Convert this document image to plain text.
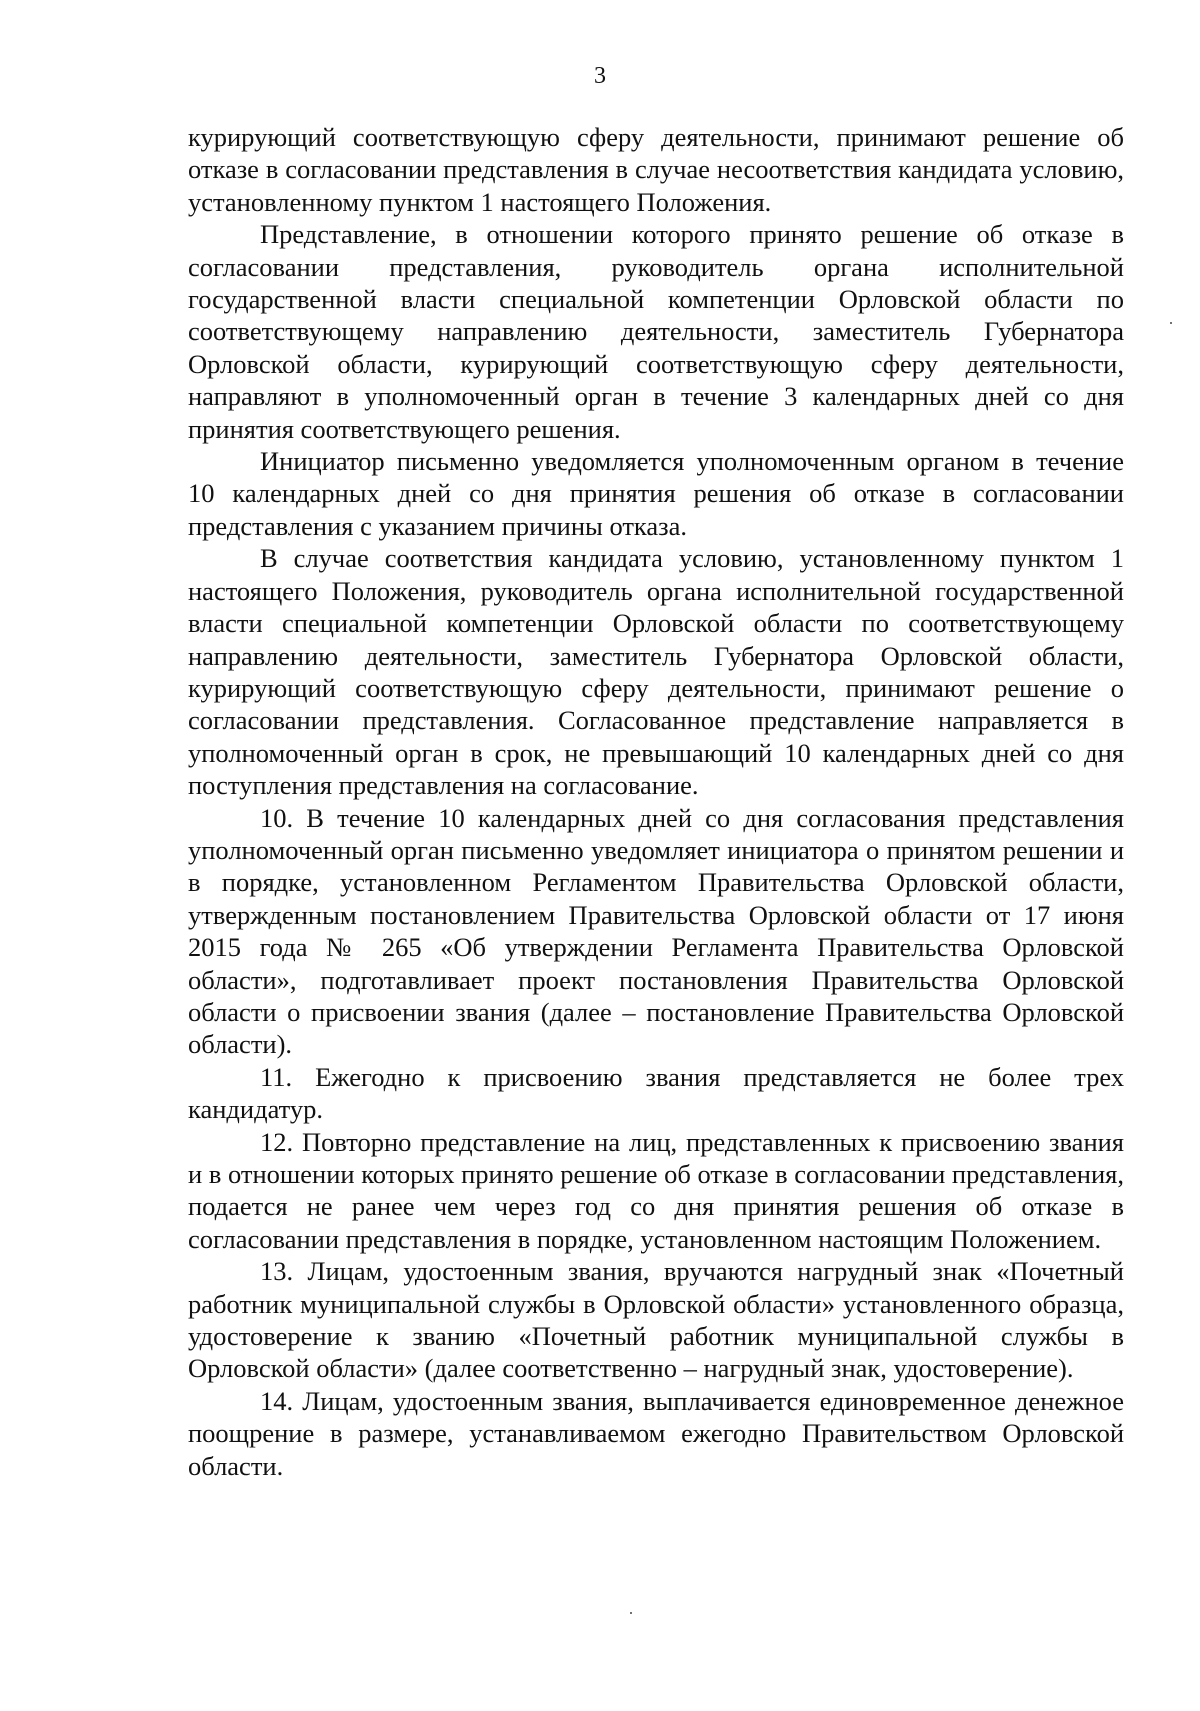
3

курирующий соответствующую сферу деятельности, принимают решение об отказе в согласовании представления в случае несоответствия кандидата условию, установленному пунктом 1 настоящего Положения.

Представление, в отношении которого принято решение об отказе в согласовании представления, руководитель органа исполнительной государственной власти специальной компетенции Орловской области по соответствующему направлению деятельности, заместитель Губернатора Орловской области, курирующий соответствующую сферу деятельности, направляют в уполномоченный орган в течение 3 календарных дней со дня принятия соответствующего решения.

Инициатор письменно уведомляется уполномоченным органом в течение 10 календарных дней со дня принятия решения об отказе в согласовании представления с указанием причины отказа.

В случае соответствия кандидата условию, установленному пунктом 1 настоящего Положения, руководитель органа исполнительной государственной власти специальной компетенции Орловской области по соответствующему направлению деятельности, заместитель Губернатора Орловской области, курирующий соответствующую сферу деятельности, принимают решение о согласовании представления. Согласованное представление направляется в уполномоченный орган в срок, не превышающий 10 календарных дней со дня поступления представления на согласование.

10. В течение 10 календарных дней со дня согласования представления уполномоченный орган письменно уведомляет инициатора о принятом решении и в порядке, установленном Регламентом Правительства Орловской области, утвержденным постановлением Правительства Орловской области от 17 июня 2015 года № 265 «Об утверждении Регламента Правительства Орловской области», подготавливает проект постановления Правительства Орловской области о присвоении звания (далее – постановление Правительства Орловской области).

11. Ежегодно к присвоению звания представляется не более трех кандидатур.

12. Повторно представление на лиц, представленных к присвоению звания и в отношении которых принято решение об отказе в согласовании представления, подается не ранее чем через год со дня принятия решения об отказе в согласовании представления в порядке, установленном настоящим Положением.

13. Лицам, удостоенным звания, вручаются нагрудный знак «Почетный работник муниципальной службы в Орловской области» установленного образца, удостоверение к званию «Почетный работник муниципальной службы в Орловской области» (далее соответственно – нагрудный знак, удостоверение).

14. Лицам, удостоенным звания, выплачивается единовременное денежное поощрение в размере, устанавливаемом ежегодно Правительством Орловской области.
